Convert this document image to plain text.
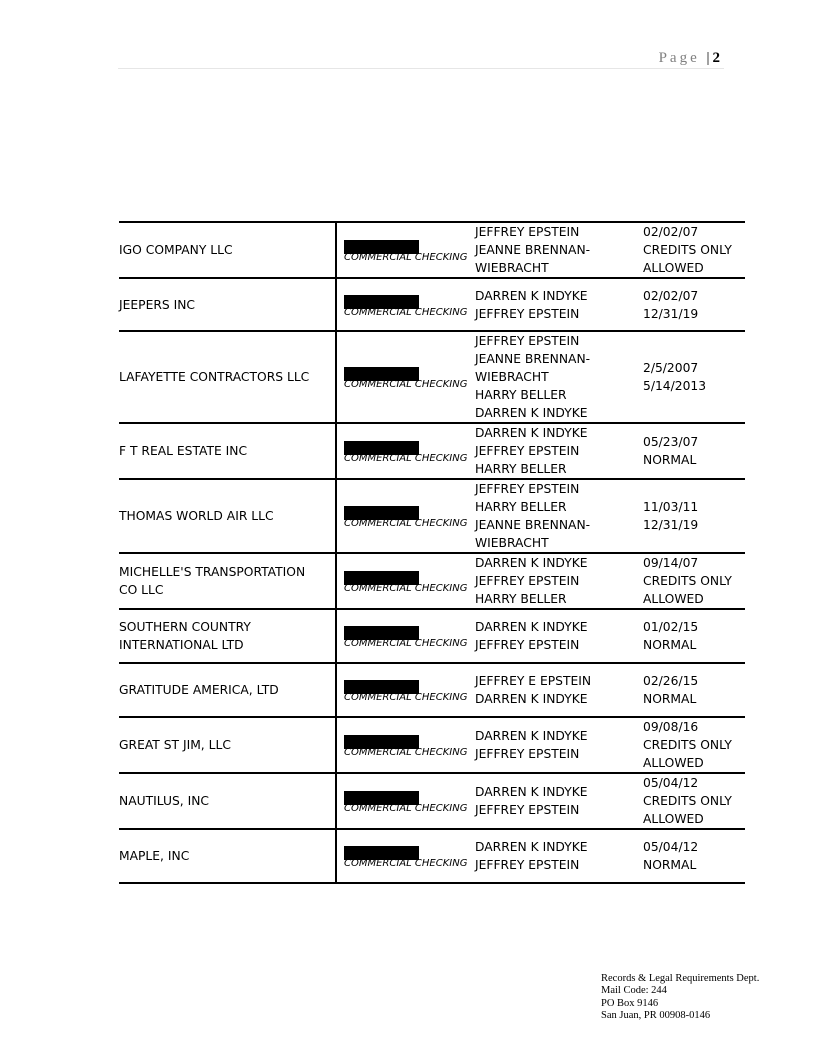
Page | 2
IGO COMPANY LLC	COMMERCIAL CHECKING	JEFFREY EPSTEIN
JEANNE BRENNAN-
WIEBRACHT	02/02/07
CREDITS ONLY
ALLOWED

JEEPERS INC	COMMERCIAL CHECKING	DARREN K INDYKE
JEFFREY EPSTEIN	02/02/07
12/31/19

LAFAYETTE CONTRACTORS LLC	COMMERCIAL CHECKING	JEFFREY EPSTEIN
JEANNE BRENNAN-
WIEBRACHT
HARRY BELLER
DARREN K INDYKE	2/5/2007
5/14/2013

F T REAL ESTATE INC	COMMERCIAL CHECKING	DARREN K INDYKE
JEFFREY EPSTEIN
HARRY BELLER	05/23/07
NORMAL

THOMAS WORLD AIR LLC	COMMERCIAL CHECKING	JEFFREY EPSTEIN
HARRY BELLER
JEANNE BRENNAN-
WIEBRACHT	11/03/11
12/31/19

MICHELLE'S TRANSPORTATION
CO LLC	COMMERCIAL CHECKING	DARREN K INDYKE
JEFFREY EPSTEIN
HARRY BELLER	09/14/07
CREDITS ONLY
ALLOWED

SOUTHERN COUNTRY
INTERNATIONAL LTD	COMMERCIAL CHECKING	DARREN K INDYKE
JEFFREY EPSTEIN	01/02/15
NORMAL

GRATITUDE AMERICA, LTD	COMMERCIAL CHECKING	JEFFREY E EPSTEIN
DARREN K INDYKE	02/26/15
NORMAL

GREAT ST JIM, LLC	COMMERCIAL CHECKING	DARREN K INDYKE
JEFFREY EPSTEIN	09/08/16
CREDITS ONLY
ALLOWED

NAUTILUS, INC	COMMERCIAL CHECKING	DARREN K INDYKE
JEFFREY EPSTEIN	05/04/12
CREDITS ONLY
ALLOWED

MAPLE, INC	COMMERCIAL CHECKING	DARREN K INDYKE
JEFFREY EPSTEIN	05/04/12
NORMAL
Records & Legal Requirements Dept.
Mail Code: 244
PO Box 9146
San Juan, PR 00908-0146
